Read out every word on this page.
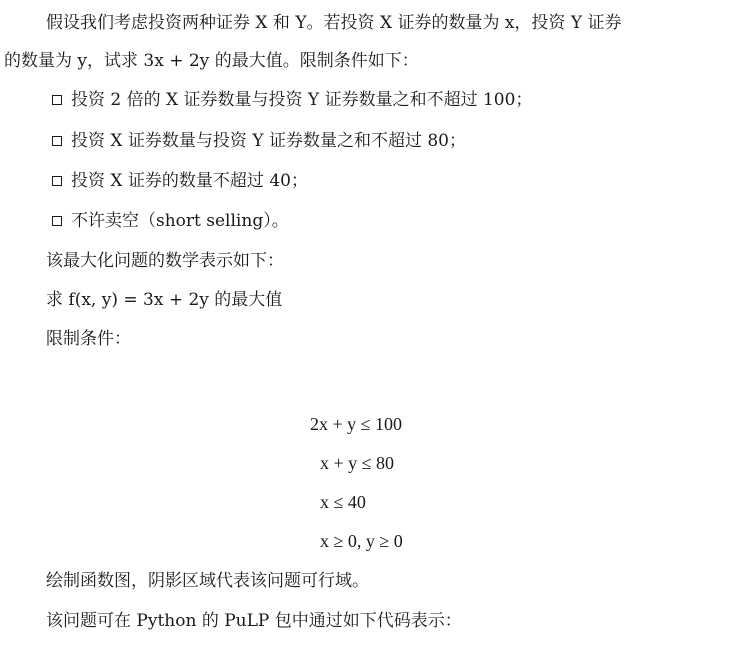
假设我们考虑投资两种证券 X 和 Y。若投资 X 证券的数量为 x，投资 Y 证券
的数量为 y，试求 3x + 2y 的最大值。限制条件如下：
投资 2 倍的 X 证券数量与投资 Y 证券数量之和不超过 100；
投资 X 证券数量与投资 Y 证券数量之和不超过 80；
投资 X 证券的数量不超过 40；
不许卖空（short selling）。
该最大化问题的数学表示如下：
求 f(x, y) = 3x + 2y 的最大值
限制条件：
2x + y ≤ 100
x + y ≤ 80
x ≤ 40
x ≥ 0, y ≥ 0
绘制函数图，阴影区域代表该问题可行域。
该问题可在 Python 的 PuLP 包中通过如下代码表示：
